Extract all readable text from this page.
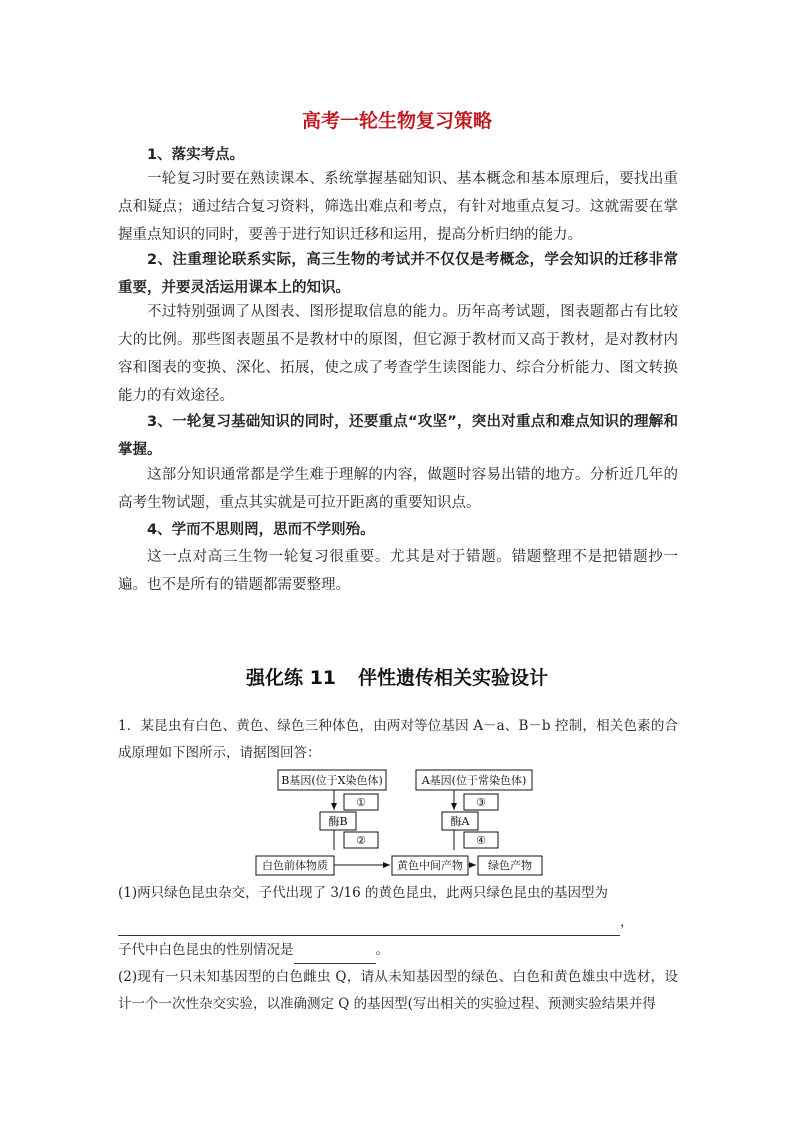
高考一轮生物复习策略
1、落实考点。
一轮复习时要在熟读课本、系统掌握基础知识、基本概念和基本原理后，要找出重点和疑点；通过结合复习资料，筛选出难点和考点，有针对地重点复习。这就需要在掌握重点知识的同时，要善于进行知识迁移和运用，提高分析归纳的能力。
2、注重理论联系实际，高三生物的考试并不仅仅是考概念，学会知识的迁移非常重要，并要灵活运用课本上的知识。
不过特别强调了从图表、图形提取信息的能力。历年高考试题，图表题都占有比较大的比例。那些图表题虽不是教材中的原图，但它源于教材而又高于教材，是对教材内容和图表的变换、深化、拓展，使之成了考查学生读图能力、综合分析能力、图文转换能力的有效途径。
3、一轮复习基础知识的同时，还要重点“攻坚”，突出对重点和难点知识的理解和掌握。
这部分知识通常都是学生难于理解的内容，做题时容易出错的地方。分析近几年的高考生物试题，重点其实就是可拉开距离的重要知识点。
4、学而不思则罔，思而不学则殆。
这一点对高三生物一轮复习很重要。尤其是对于错题。错题整理不是把错题抄一遍。也不是所有的错题都需要整理。
强化练 11 伴性遗传相关实验设计
1．某昆虫有白色、黄色、绿色三种体色，由两对等位基因 A－a、B－b 控制，相关色素的合成原理如下图所示，请据图回答：
B基因(位于X染色体)	A基因(位于常染色体)
①
酶B
②
③
酶A
④
白色前体物质	黄色中间产物 绿色产物
(1)两只绿色昆虫杂交，子代出现了 3/16 的黄色昆虫，此两只绿色昆虫的基因型为
，
子代中白色昆虫的性别情况是	。
(2)现有一只未知基因型的白色雌虫 Q，请从未知基因型的绿色、白色和黄色雄虫中选材，设计一个一次性杂交实验，以准确测定 Q 的基因型(写出相关的实验过程、预测实验结果并得
